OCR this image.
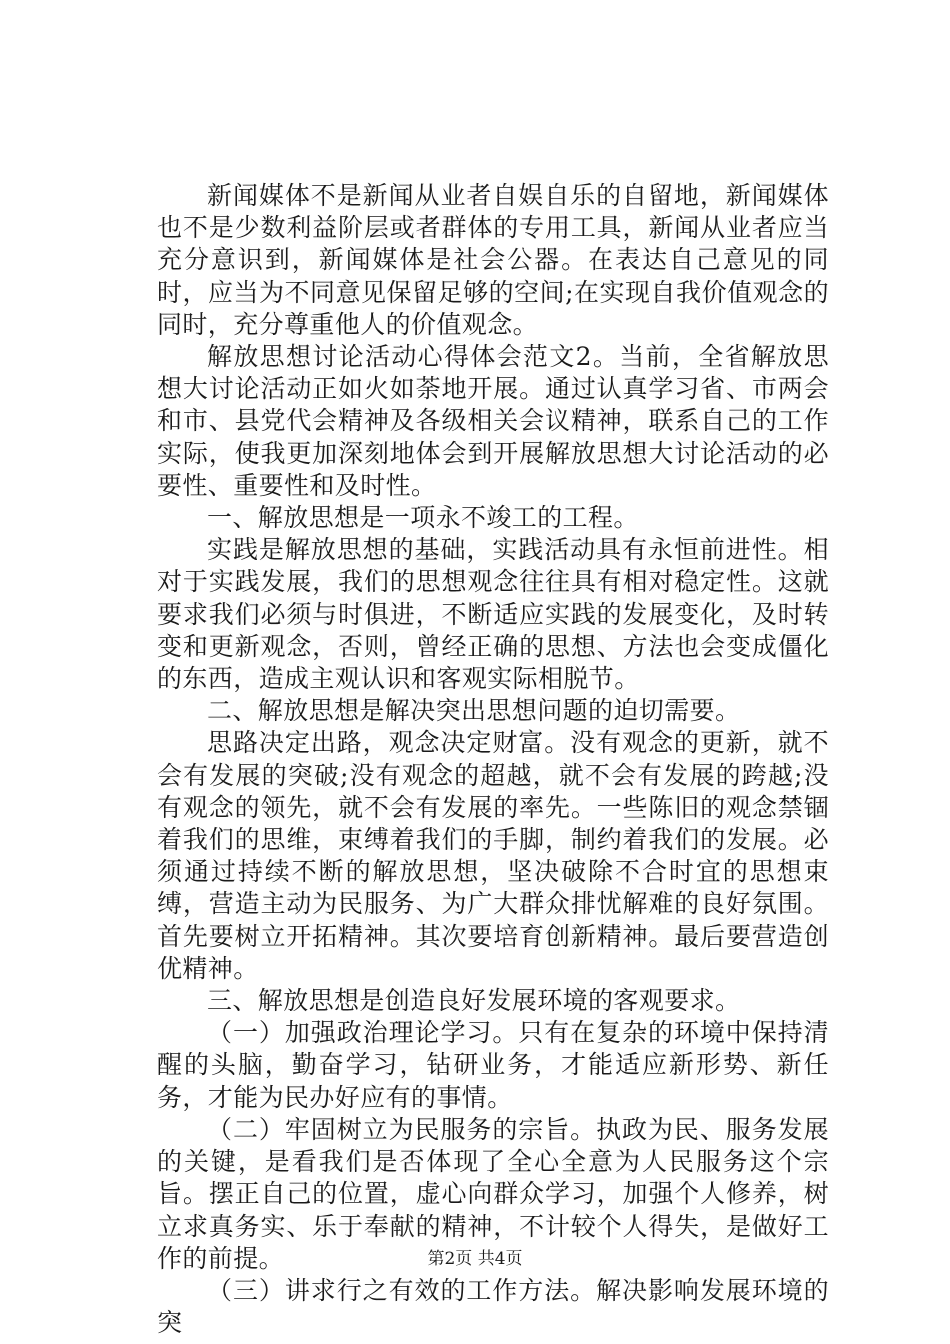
新闻媒体不是新闻从业者自娱自乐的自留地，新闻媒体也不是少数利益阶层或者群体的专用工具，新闻从业者应当充分意识到，新闻媒体是社会公器。在表达自己意见的同时，应当为不同意见保留足够的空间;在实现自我价值观念的同时，充分尊重他人的价值观念。

解放思想讨论活动心得体会范文2。当前，全省解放思想大讨论活动正如火如荼地开展。通过认真学习省、市两会和市、县党代会精神及各级相关会议精神，联系自己的工作实际，使我更加深刻地体会到开展解放思想大讨论活动的必要性、重要性和及时性。

一、解放思想是一项永不竣工的工程。

实践是解放思想的基础，实践活动具有永恒前进性。相对于实践发展，我们的思想观念往往具有相对稳定性。这就要求我们必须与时俱进，不断适应实践的发展变化，及时转变和更新观念，否则，曾经正确的思想、方法也会变成僵化的东西，造成主观认识和客观实际相脱节。

二、解放思想是解决突出思想问题的迫切需要。

思路决定出路，观念决定财富。没有观念的更新，就不会有发展的突破;没有观念的超越，就不会有发展的跨越;没有观念的领先，就不会有发展的率先。一些陈旧的观念禁锢着我们的思维，束缚着我们的手脚，制约着我们的发展。必须通过持续不断的解放思想，坚决破除不合时宜的思想束缚，营造主动为民服务、为广大群众排忧解难的良好氛围。首先要树立开拓精神。其次要培育创新精神。最后要营造创优精神。

三、解放思想是创造良好发展环境的客观要求。

（一）加强政治理论学习。只有在复杂的环境中保持清醒的头脑，勤奋学习，钻研业务，才能适应新形势、新任务，才能为民办好应有的事情。

（二）牢固树立为民服务的宗旨。执政为民、服务发展的关键，是看我们是否体现了全心全意为人民服务这个宗旨。摆正自己的位置，虚心向群众学习，加强个人修养，树立求真务实、乐于奉献的精神，不计较个人得失，是做好工作的前提。

（三）讲求行之有效的工作方法。解决影响发展环境的突

第2页 共4页
